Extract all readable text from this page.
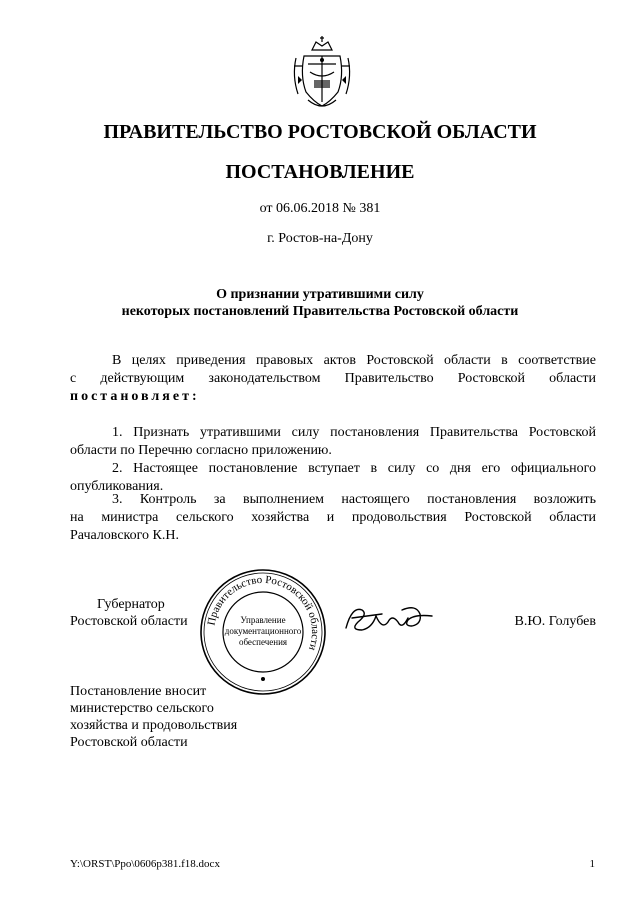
ПРАВИТЕЛЬСТВО РОСТОВСКОЙ ОБЛАСТИ
ПОСТАНОВЛЕНИЕ
от 06.06.2018 № 381
г. Ростов-на-Дону
О признании утратившими силу
некоторых постановлений Правительства Ростовской области
В целях приведения правовых актов Ростовской области в соответствие
с действующим законодательством Правительство Ростовской области
постановляет:
1. Признать утратившими силу постановления Правительства Ростовской
области по Перечню согласно приложению.
2. Настоящее постановление вступает в силу со дня его официального
опубликования.
3. Контроль за выполнением настоящего постановления возложить
на министра сельского хозяйства и продовольствия Ростовской области
Рачаловского К.Н.
Губернатор
Ростовской области Правительство Ростовской области
Управление
документационного
обеспечения
В.Ю. Голубев
Постановление вносит
министерство сельского
хозяйства и продовольствия
Ростовской области
Y:\ORST\Ppo\0606p381.f18.docx	1
